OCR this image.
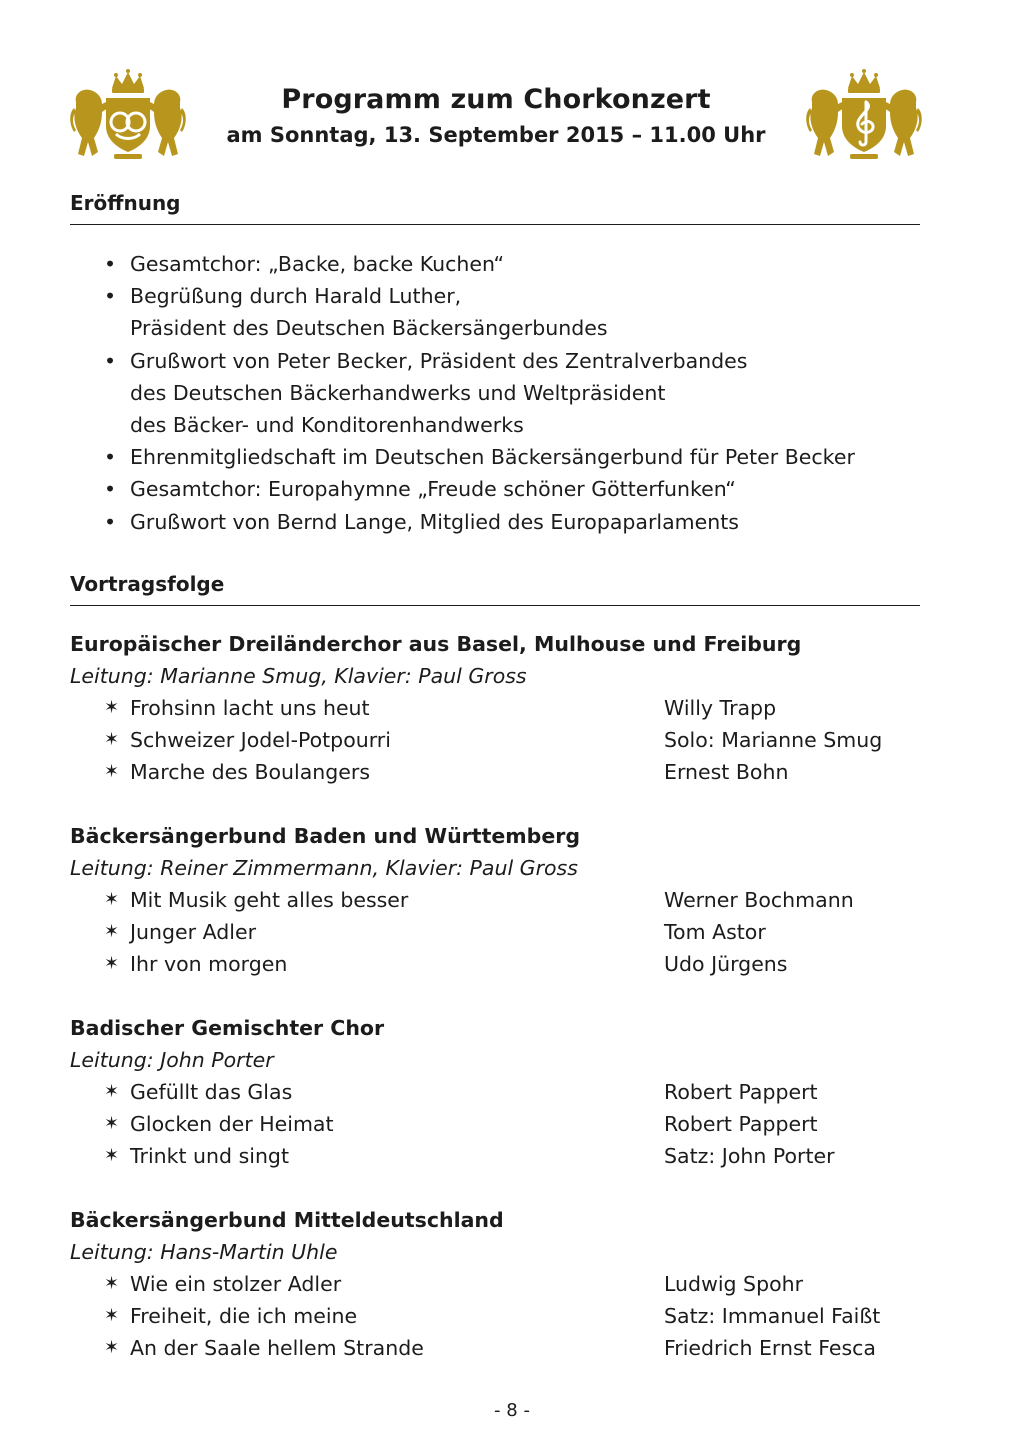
Programm zum Chorkonzert
am Sonntag, 13. September 2015 – 11.00 Uhr
Eröffnung
• Gesamtchor: „Backe, backe Kuchen“
• Begrüßung durch Harald Luther,
Präsident des Deutschen Bäckersängerbundes
• Grußwort von Peter Becker, Präsident des Zentralverbandes
des Deutschen Bäckerhandwerks und Weltpräsident
des Bäcker- und Konditorenhandwerks
• Ehrenmitgliedschaft im Deutschen Bäckersängerbund für Peter Becker
• Gesamtchor: Europahymne „Freude schöner Götterfunken“
• Grußwort von Bernd Lange, Mitglied des Europaparlaments
Vortragsfolge
Europäischer Dreiländerchor aus Basel, Mulhouse und Freiburg
Leitung: Marianne Smug, Klavier: Paul Gross
✶ Frohsinn lacht uns heut	Willy Trapp
✶ Schweizer Jodel-Potpourri	Solo: Marianne Smug
✶ Marche des Boulangers	Ernest Bohn
Bäckersängerbund Baden und Württemberg
Leitung: Reiner Zimmermann, Klavier: Paul Gross
✶ Mit Musik geht alles besser	Werner Bochmann
✶ Junger Adler	Tom Astor
✶ Ihr von morgen	Udo Jürgens
Badischer Gemischter Chor
Leitung: John Porter
✶ Gefüllt das Glas	Robert Pappert
✶ Glocken der Heimat	Robert Pappert
✶ Trinkt und singt	Satz: John Porter
Bäckersängerbund Mitteldeutschland
Leitung: Hans-Martin Uhle
✶ Wie ein stolzer Adler	Ludwig Spohr
✶ Freiheit, die ich meine	Satz: Immanuel Faißt
✶ An der Saale hellem Strande	Friedrich Ernst Fesca
- 8 -
